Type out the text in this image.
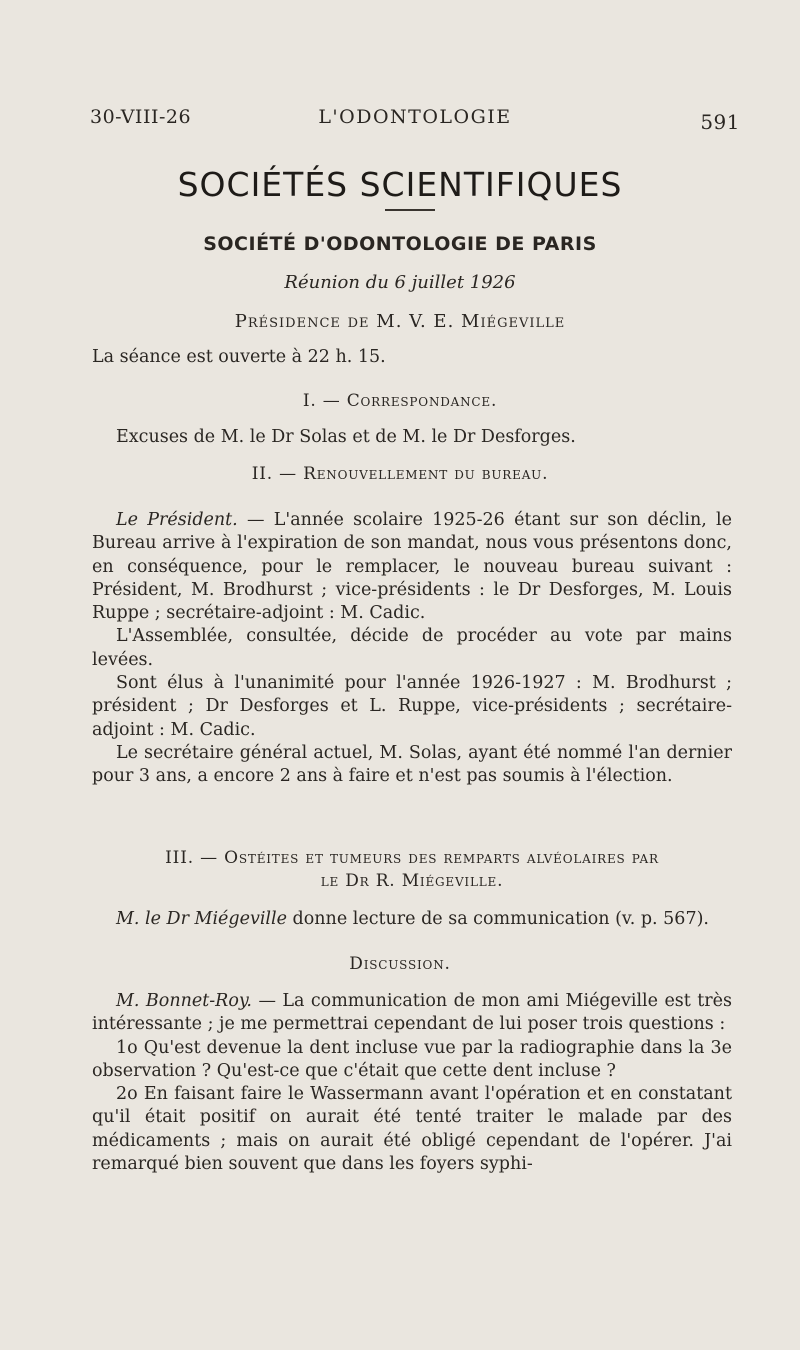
30-VIII-26	L'ODONTOLOGIE	591
SOCIÉTÉS SCIENTIFIQUES
SOCIÉTÉ D'ODONTOLOGIE DE PARIS
Réunion du 6 juillet 1926
Présidence de M. V. E. Miégeville
La séance est ouverte à 22 h. 15.
I. — Correspondance.

Excuses de M. le Dr Solas et de M. le Dr Desforges.

II. — Renouvellement du bureau.

Le Président. — L'année scolaire 1925-26 étant sur son déclin, le Bureau arrive à l'expiration de son mandat, nous vous présentons donc, en conséquence, pour le remplacer, le nouveau bureau suivant : Président, M. Brodhurst ; vice-présidents : le Dr Desforges, M. Louis Ruppe ; secrétaire-adjoint : M. Cadic.

L'Assemblée, consultée, décide de procéder au vote par mains levées.

Sont élus à l'unanimité pour l'année 1926-1927 : M. Brodhurst ; président ; Dr Desforges et L. Ruppe, vice-présidents ; secrétaire-adjoint : M. Cadic.

Le secrétaire général actuel, M. Solas, ayant été nommé l'an dernier pour 3 ans, a encore 2 ans à faire et n'est pas soumis à l'élection.

III. — Ostéites et tumeurs des remparts alvéolaires par
le Dr R. Miégeville.

M. le Dr Miégeville donne lecture de sa communication (v. p. 567).

Discussion.

M. Bonnet-Roy. — La communication de mon ami Miégeville est très intéressante ; je me permettrai cependant de lui poser trois questions :

1o Qu'est devenue la dent incluse vue par la radiographie dans la 3e observation ? Qu'est-ce que c'était que cette dent incluse ?

2o En faisant faire le Wassermann avant l'opération et en constatant qu'il était positif on aurait été tenté traiter le malade par des médicaments ; mais on aurait été obligé cependant de l'opérer. J'ai remarqué bien souvent que dans les foyers syphi-
